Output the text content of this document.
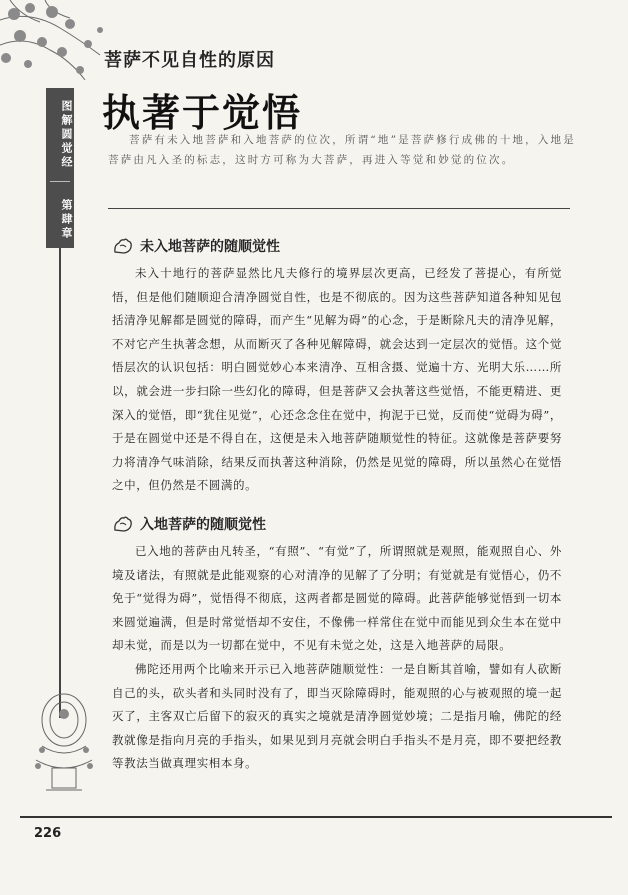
图解圆觉经
第肆章
菩萨不见自性的原因
执著于觉悟
菩萨有未入地菩萨和入地菩萨的位次，所谓“地”是菩萨修行成佛的十地，入地是菩萨由凡入圣的标志，这时方可称为大菩萨，再进入等觉和妙觉的位次。
未入地菩萨的随顺觉性
未入十地行的菩萨显然比凡夫修行的境界层次更高，已经发了菩提心，有所觉悟，但是他们随顺迎合清净圆觉自性，也是不彻底的。因为这些菩萨知道各种知见包括清净见解都是圆觉的障碍，而产生“见解为碍”的心念，于是断除凡夫的清净见解，不对它产生执著念想，从而断灭了各种见解障碍，就会达到一定层次的觉悟。这个觉悟层次的认识包括：明白圆觉妙心本来清净、互相含摄、觉遍十方、光明大乐……所以，就会进一步扫除一些幻化的障碍，但是菩萨又会执著这些觉悟，不能更精进、更深入的觉悟，即“犹住见觉”，心还念念住在觉中，拘泥于已觉，反而使“觉碍为碍”，于是在圆觉中还是不得自在，这便是未入地菩萨随顺觉性的特征。这就像是菩萨要努力将清净气味消除，结果反而执著这种消除，仍然是见觉的障碍，所以虽然心在觉悟之中，但仍然是不圆满的。
入地菩萨的随顺觉性
已入地的菩萨由凡转圣，“有照”、“有觉”了，所谓照就是观照，能观照自心、外境及诸法，有照就是此能观察的心对清净的见解了了分明；有觉就是有觉悟心，仍不免于“觉得为碍”，觉悟得不彻底，这两者都是圆觉的障碍。此菩萨能够觉悟到一切本来圆觉遍满，但是时常觉悟却不安住，不像佛一样常住在觉中而能见到众生本在觉中却未觉，而是以为一切都在觉中，不见有未觉之处，这是入地菩萨的局限。
佛陀还用两个比喻来开示已入地菩萨随顺觉性：一是自断其首喻，譬如有人砍断自己的头，砍头者和头同时没有了，即当灭除障碍时，能观照的心与被观照的境一起灭了，主客双亡后留下的寂灭的真实之境就是清净圆觉妙境；二是指月喻，佛陀的经教就像是指向月亮的手指头，如果见到月亮就会明白手指头不是月亮，即不要把经教等教法当做真理实相本身。
226
